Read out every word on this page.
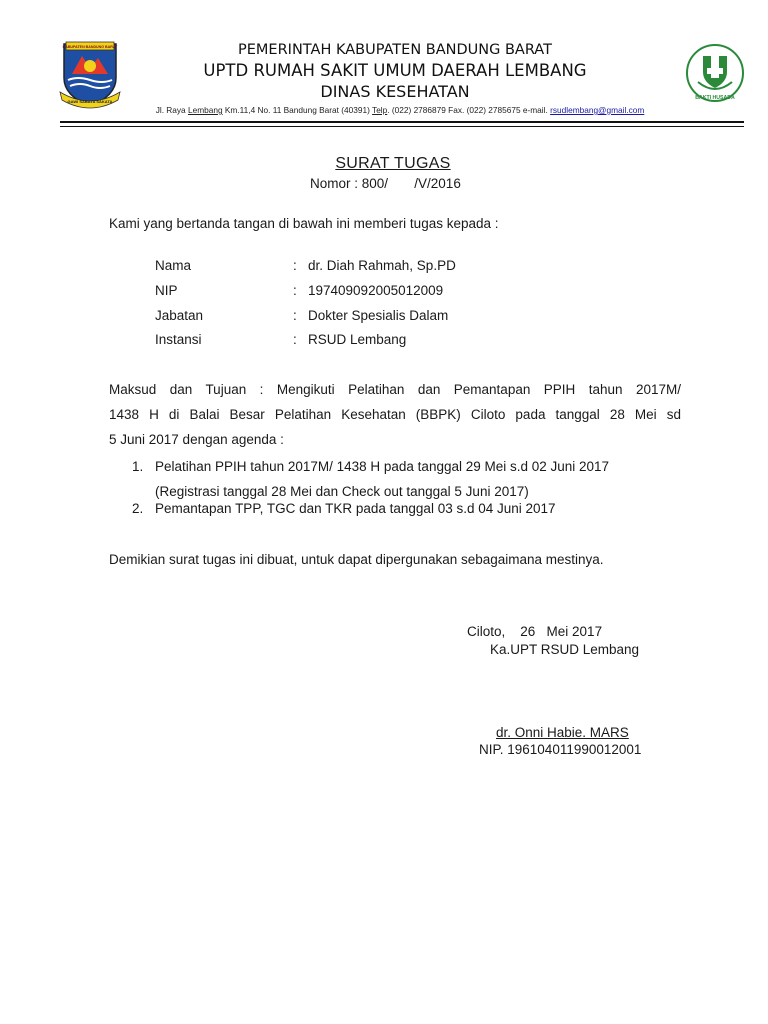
KABUPATEN BANDUNG BARAT
GAWI SABATA SAKATA
BAKTI HUSADA
PEMERINTAH KABUPATEN BANDUNG BARAT
UPTD RUMAH SAKIT UMUM DAERAH LEMBANG
DINAS KESEHATAN
Jl. Raya Lembang Km.11,4 No. 11 Bandung Barat (40391) Telp. (022) 2786879 Fax. (022) 2785675 e-mail. rsudlembang@gmail.com
SURAT TUGAS
Nomor : 800/       /V/2016
Kami yang bertanda tangan di bawah ini memberi tugas kepada :
Nama	: dr. Diah Rahmah, Sp.PD
NIP	: 197409092005012009
Jabatan	: Dokter Spesialis Dalam
Instansi	: RSUD Lembang
Maksud dan Tujuan : Mengikuti Pelatihan dan Pemantapan PPIH tahun 2017M/
1438 H di Balai Besar Pelatihan Kesehatan (BBPK) Ciloto pada tanggal 28 Mei sd
5 Juni 2017 dengan agenda :
1. Pelatihan PPIH tahun 2017M/ 1438 H pada tanggal 29 Mei s.d 02 Juni 2017
(Registrasi tanggal 28 Mei dan Check out tanggal 5 Juni 2017)
2. Pemantapan TPP, TGC dan TKR pada tanggal 03 s.d 04 Juni 2017
Demikian surat tugas ini dibuat, untuk dapat dipergunakan sebagaimana mestinya.
Ciloto,    26   Mei 2017
Ka.UPT RSUD Lembang
dr. Onni Habie. MARS
NIP. 196104011990012001
